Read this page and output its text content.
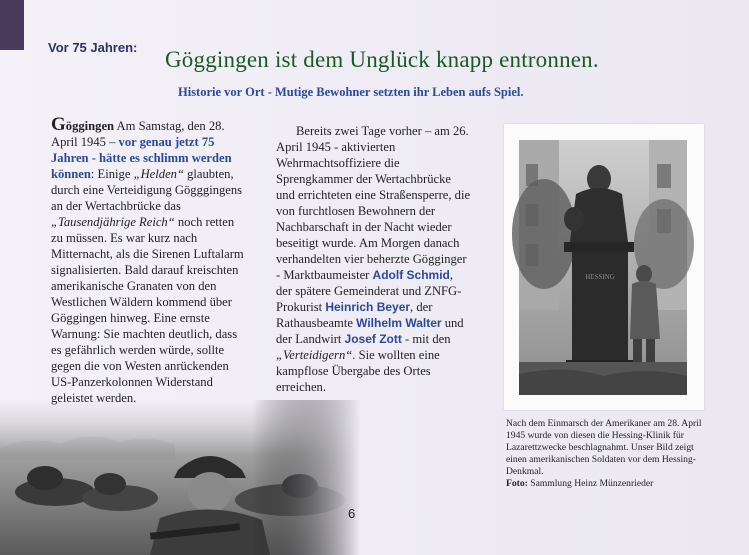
Vor 75 Jahren: Göggingen ist dem Unglück knapp entronnen.
Historie vor Ort - Mutige Bewohner setzten ihr Leben aufs Spiel.
Göggingen Am Samstag, den 28. April 1945 – vor genau jetzt 75 Jahren - hätte es schlimm werden können: Einige „Helden“ glaubten, durch eine Verteidigung Gögggingens an der Wertachbrücke das „Tausendjährige Reich“ noch retten zu müssen. Es war kurz nach Mitternacht, als die Sirenen Luftalarm signalisierten. Bald darauf kreischten amerikanische Granaten von den Westlichen Wäldern kommend über Göggingen hinweg. Eine ernste Warnung: Sie machten deutlich, dass es gefährlich werden würde, sollte gegen die von Westen anrückenden US-Panzerkolonnen Widerstand geleistet werden.
Bereits zwei Tage vorher – am 26. April 1945 - aktivierten Wehrmachtsoffiziere die Sprengkammer der Wertachbrücke und errichteten eine Straßensperre, die von furchtlosen Bewohnern der Nachbarschaft in der Nacht wieder beseitigt wurde. Am Morgen danach verhandelten vier beherzte Gögginger - Marktbaumeister Adolf Schmid, der spätere Gemeinderat und ZNFG-Prokurist Heinrich Beyer, der Rathausbeamte Wilhelm Walter und der Landwirt Josef Zott - mit den „Verteidigern“. Sie wollten eine kampflose Übergabe des Ortes erreichen.
HESSING
Nach dem Einmarsch der Amerikaner am 28. April 1945 wurde von diesen die Hessing-Klinik für Lazarettzwecke beschlagnahmt. Unser Bild zeigt einen amerikanischen Soldaten vor dem Hessing-Denkmal.
Foto: Sammlung Heinz Münzenrieder
6
